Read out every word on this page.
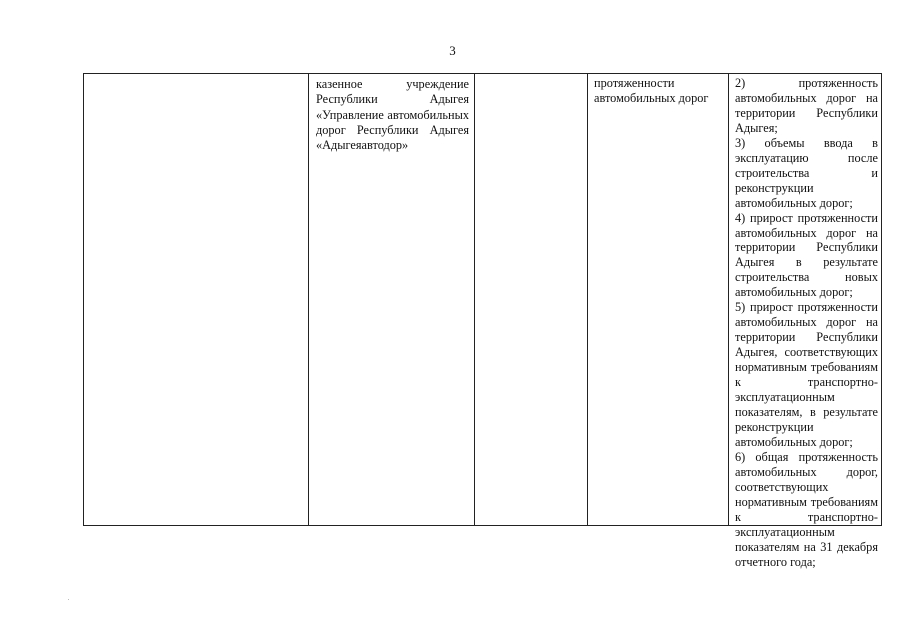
3

казенное учреждение Республики Адыгея «Управление автомобильных дорог Республики Адыгея «Адыгеяавтодор»

протяженности автомобильных дорог

2) протяженность автомобильных дорог на территории Республики Адыгея;
3) объемы ввода в эксплуатацию после строительства и реконструкции автомобильных дорог;
4) прирост протяженности автомобильных дорог на территории Республики Адыгея в результате строительства новых автомобильных дорог;
5) прирост протяженности автомобильных дорог на территории Республики Адыгея, соответствующих нормативным требованиям к транспортно-эксплуатационным показателям, в результате реконструкции автомобильных дорог;
6) общая протяженность автомобильных дорог, соответствующих нормативным требованиям к транспортно-эксплуатационным показателям на 31 декабря отчетного года;
